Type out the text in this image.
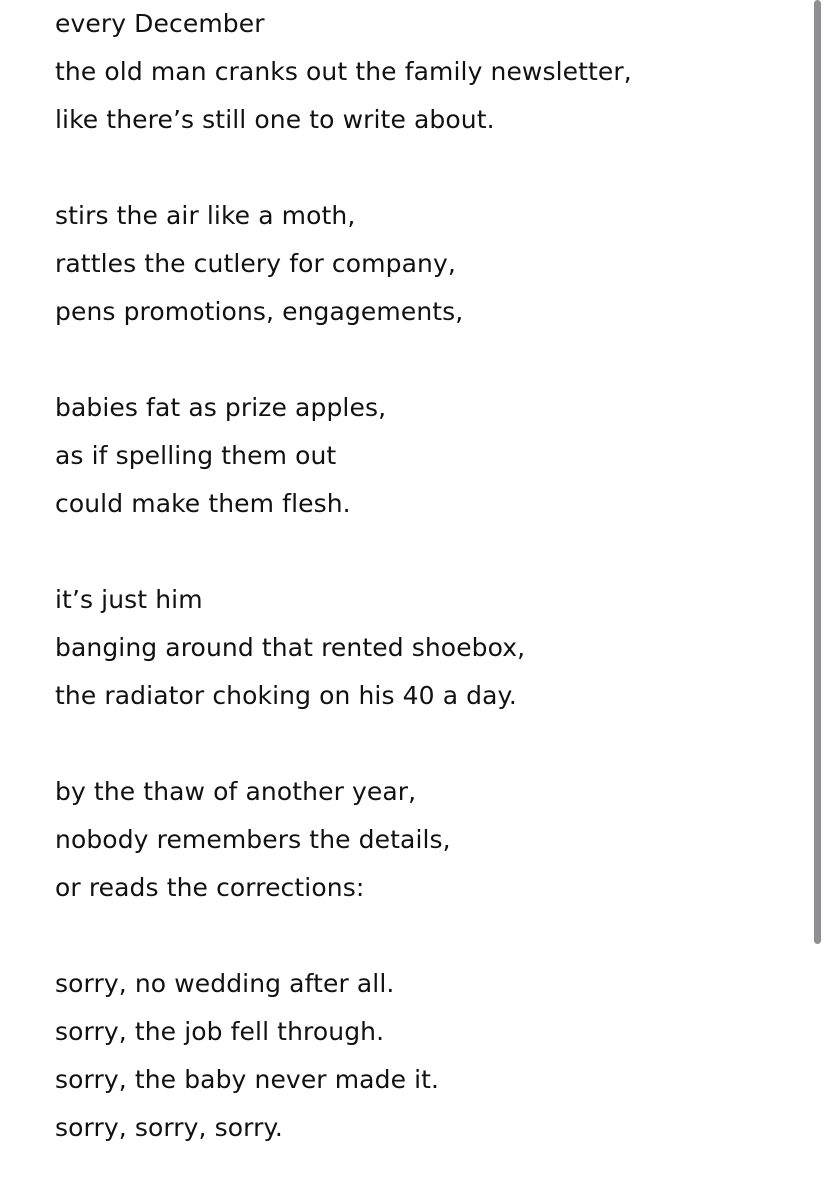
every December
the old man cranks out the family newsletter,
like there’s still one to write about.
stirs the air like a moth,
rattles the cutlery for company,
pens promotions, engagements,
babies fat as prize apples,
as if spelling them out
could make them flesh.
it’s just him
banging around that rented shoebox,
the radiator choking on his 40 a day.
by the thaw of another year,
nobody remembers the details,
or reads the corrections:
sorry, no wedding after all.
sorry, the job fell through.
sorry, the baby never made it.
sorry, sorry, sorry.
